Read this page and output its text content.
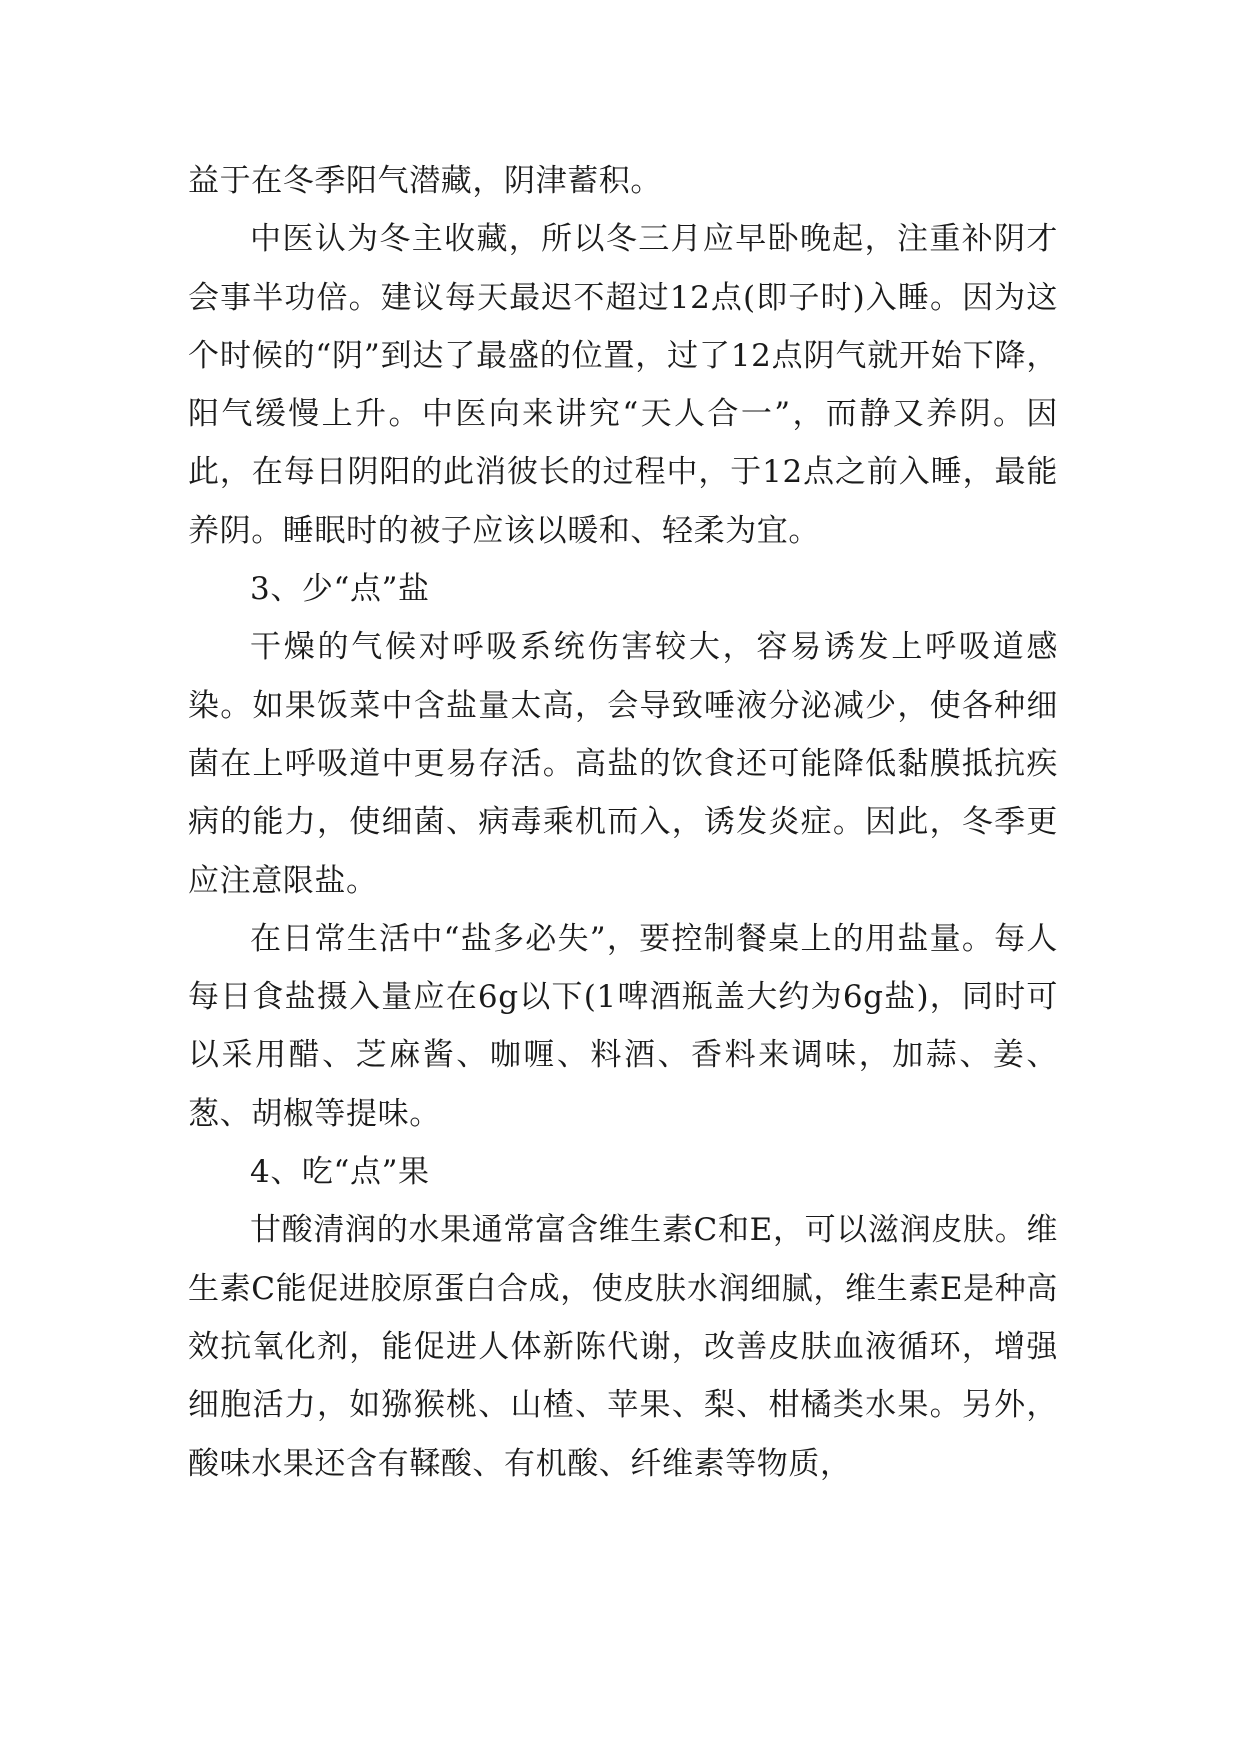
益于在冬季阳气潜藏，阴津蓄积。

中医认为冬主收藏，所以冬三月应早卧晚起，注重补阴才会事半功倍。建议每天最迟不超过12点(即子时)入睡。因为这个时候的“阴”到达了最盛的位置，过了12点阴气就开始下降，阳气缓慢上升。中医向来讲究“天人合一”，而静又养阴。因此，在每日阴阳的此消彼长的过程中，于12点之前入睡，最能养阴。睡眠时的被子应该以暖和、轻柔为宜。

3、少“点”盐

干燥的气候对呼吸系统伤害较大，容易诱发上呼吸道感染。如果饭菜中含盐量太高，会导致唾液分泌减少，使各种细菌在上呼吸道中更易存活。高盐的饮食还可能降低黏膜抵抗疾病的能力，使细菌、病毒乘机而入，诱发炎症。因此，冬季更应注意限盐。

在日常生活中“盐多必失”，要控制餐桌上的用盐量。每人每日食盐摄入量应在6g以下(1啤酒瓶盖大约为6g盐)，同时可以采用醋、芝麻酱、咖喱、料酒、香料来调味，加蒜、姜、葱、胡椒等提味。

4、吃“点”果

甘酸清润的水果通常富含维生素C和E，可以滋润皮肤。维生素C能促进胶原蛋白合成，使皮肤水润细腻，维生素E是种高效抗氧化剂，能促进人体新陈代谢，改善皮肤血液循环，增强细胞活力，如猕猴桃、山楂、苹果、梨、柑橘类水果。另外，酸味水果还含有鞣酸、有机酸、纤维素等物质，
